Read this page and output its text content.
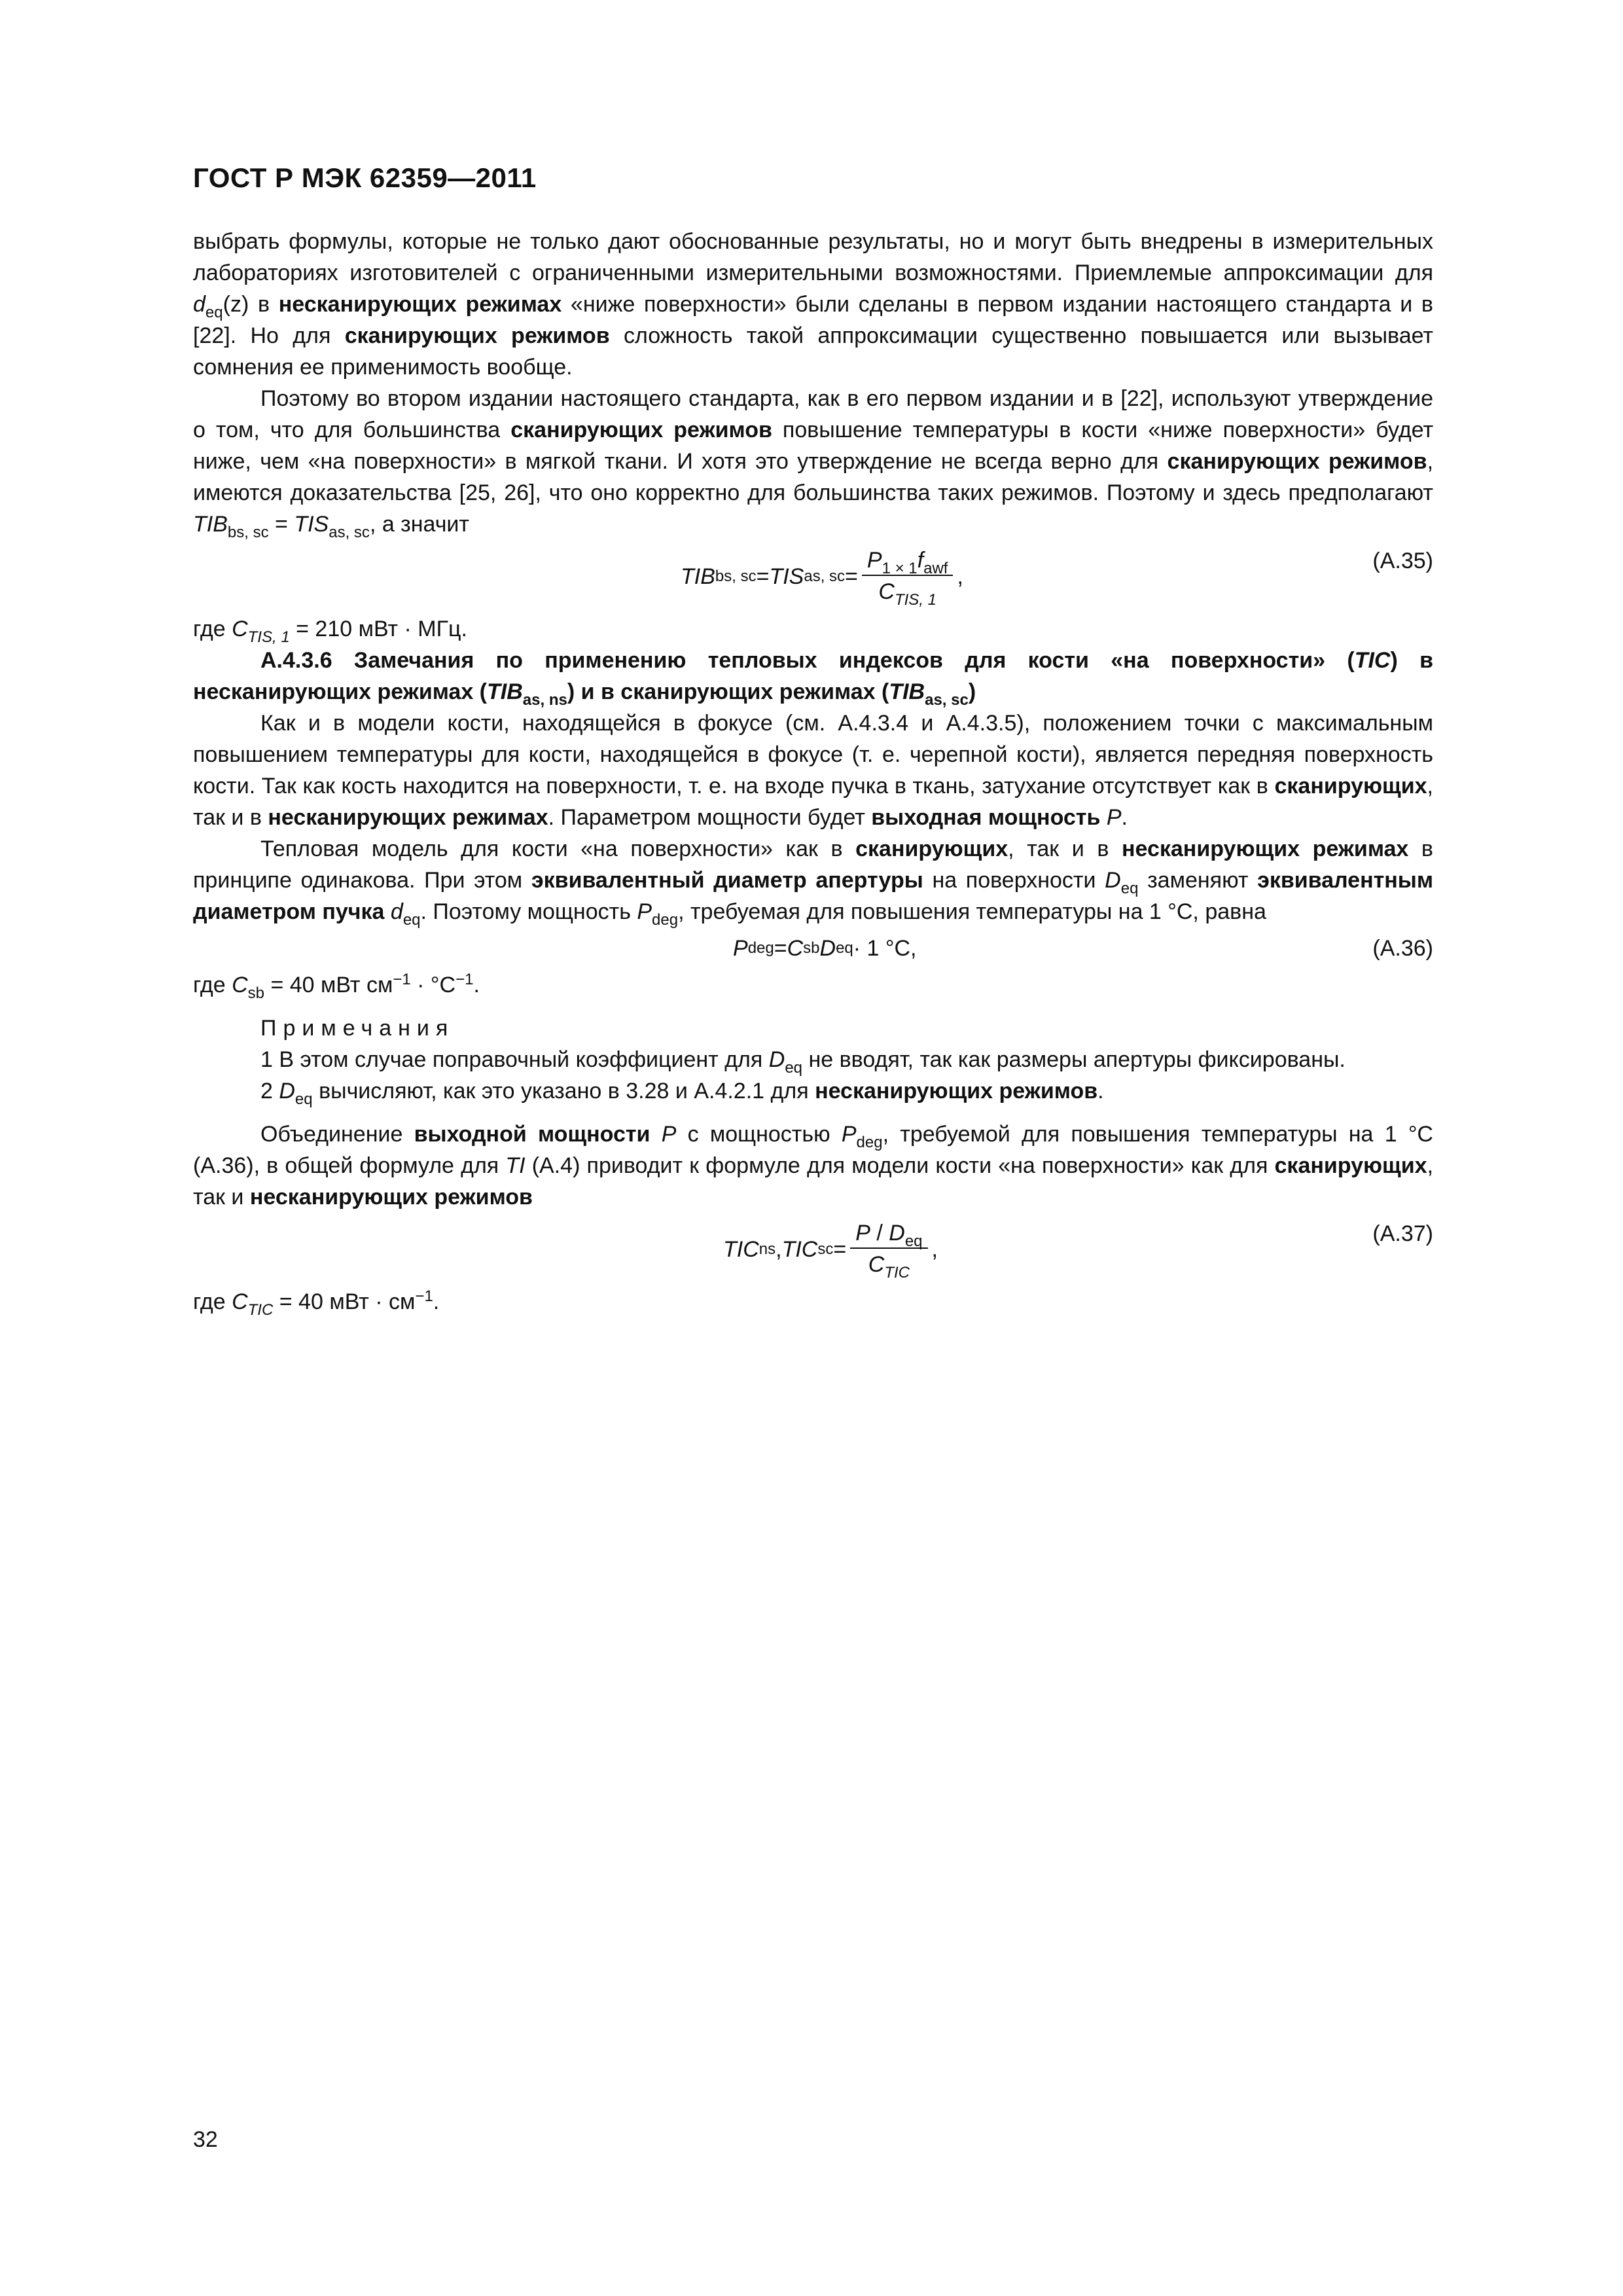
ГОСТ Р МЭК 62359—2011

выбрать формулы, которые не только дают обоснованные результаты, но и могут быть внедрены в измерительных лабораториях изготовителей с ограниченными измерительными возможностями. Приемлемые аппроксимации для $d_{eq}(z)$ в несканирующих режимах «ниже поверхности» были сделаны в первом издании настоящего стандарта и в [22]. Но для сканирующих режимов сложность такой аппроксимации существенно повышается или вызывает сомнения ее применимость вообще.

Поэтому во втором издании настоящего стандарта, как в его первом издании и в [22], используют утверждение о том, что для большинства сканирующих режимов повышение температуры в кости «ниже поверхности» будет ниже, чем «на поверхности» в мягкой ткани. И хотя это утверждение не всегда верно для сканирующих режимов, имеются доказательства [25, 26], что оно корректно для большинства таких режимов. Поэтому и здесь предполагают $TIB_{bs, sc} = TIS_{as, sc}$, а значит

TIB bs, sc = TIS as, sc = $\frac{P_{1 \times 1}f_{awf}}{C_{TIS, 1}}$ ,
(A.35)

где $C_{TIS, 1} = 210$ мВт · МГц.

А.4.3.6 Замечания по применению тепловых индексов для кости «на поверхности» (TIC) в несканирующих режимах $(TIB_{as, ns})$ и в сканирующих режимах $(TIB_{as, sc})$

Как и в модели кости, находящейся в фокусе (см. А.4.3.4 и А.4.3.5), положением точки с максимальным повышением температуры для кости, находящейся в фокусе (т. е. черепной кости), является передняя поверхность кости. Так как кость находится на поверхности, т. е. на входе пучка в ткань, затухание отсутствует как в сканирующих, так и в несканирующих режимах. Параметром мощности будет выходная мощность P.

Тепловая модель для кости «на поверхности» как в сканирующих, так и в несканирующих режимах в принципе одинакова. При этом эквивалентный диаметр апертуры на поверхности $D_{eq}$ заменяют эквивалентным диаметром пучка $d_{eq}$. Поэтому мощность $P_{deg}$, требуемая для повышения температуры на 1 °С, равна

P deg = C sb D eq · 1 °С,	(A.36)

где $C_{sb} = 40$ мВт $см^{-1} \cdot ^\circ С^{-1}$.

Примечания

1 В этом случае поправочный коэффициент для $D_{eq}$ не вводят, так как размеры апертуры фиксированы.

2 $D_{eq}$ вычисляют, как это указано в 3.28 и А.4.2.1 для несканирующих режимов.

Объединение выходной мощности P с мощностью $P_{deg}$, требуемой для повышения температуры на 1 °С (А.36), в общей формуле для TI (А.4) приводит к формуле для модели кости «на поверхности» как для сканирующих, так и несканирующих режимов

TIC ns , TIC sc = $\frac{P / D_{eq}}{C_{TIC}}$ ,
(A.37)

где $C_{TIC} = 40$ мВт · $см^{-1}$.

32
